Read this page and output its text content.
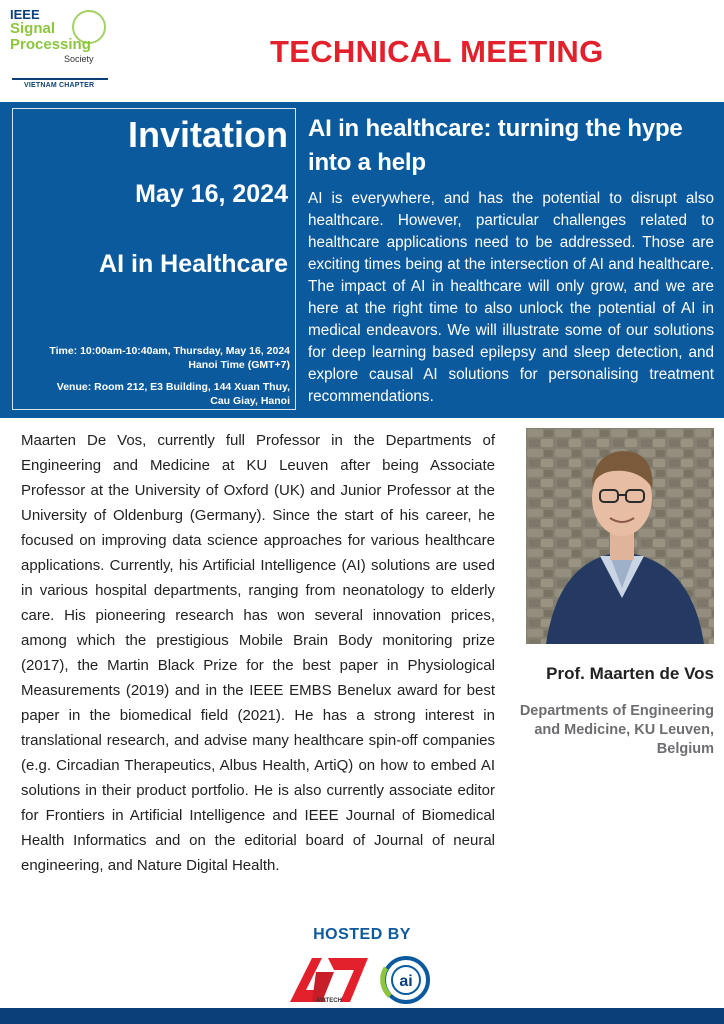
IEEE
Signal
Processing
Society
VIETNAM CHAPTER
TECHNICAL MEETING
Invitation
May 16, 2024
AI in Healthcare
Time: 10:00am-10:40am, Thursday, May 16, 2024
Hanoi Time (GMT+7)
Venue: Room 212, E3 Building, 144 Xuan Thuy,
Cau Giay, Hanoi
AI in healthcare: turning the hype into a help
AI is everywhere, and has the potential to disrupt also healthcare. However, particular challenges related to healthcare applications need to be addressed. Those are exciting times being at the intersection of AI and healthcare. The impact of AI in healthcare will only grow, and we are here at the right time to also unlock the potential of AI in medical endeavors. We will illustrate some of our solutions for deep learning based epilepsy and sleep detection, and explore causal AI solutions for personalising treatment recommendations.
Maarten De Vos, currently full Professor in the Departments of Engineering and Medicine at KU Leuven after being Associate Professor at the University of Oxford (UK) and Junior Professor at the University of Oldenburg (Germany). Since the start of his career, he focused on improving data science approaches for various healthcare applications. Currently, his Artificial Intelligence (AI) solutions are used in various hospital departments, ranging from neonatology to elderly care. His pioneering research has won several innovation prices, among which the prestigious Mobile Brain Body monitoring prize (2017), the Martin Black Prize for the best paper in Physiological Measurements (2019) and in the IEEE EMBS Benelux award for best paper in the biomedical field (2021). He has a strong interest in translational research, and advise many healthcare spin-off companies (e.g. Circadian Therapeutics, Albus Health, ArtiQ) on how to embed AI solutions in their product portfolio. He is also currently associate editor for Frontiers in Artificial Intelligence and IEEE Journal of Biomedical Health Informatics and on the editorial board of Journal of neural engineering, and Nature Digital Health.
Prof. Maarten de Vos
Departments of Engineering and Medicine, KU Leuven, Belgium
HOSTED BY
AVITECH
ai
